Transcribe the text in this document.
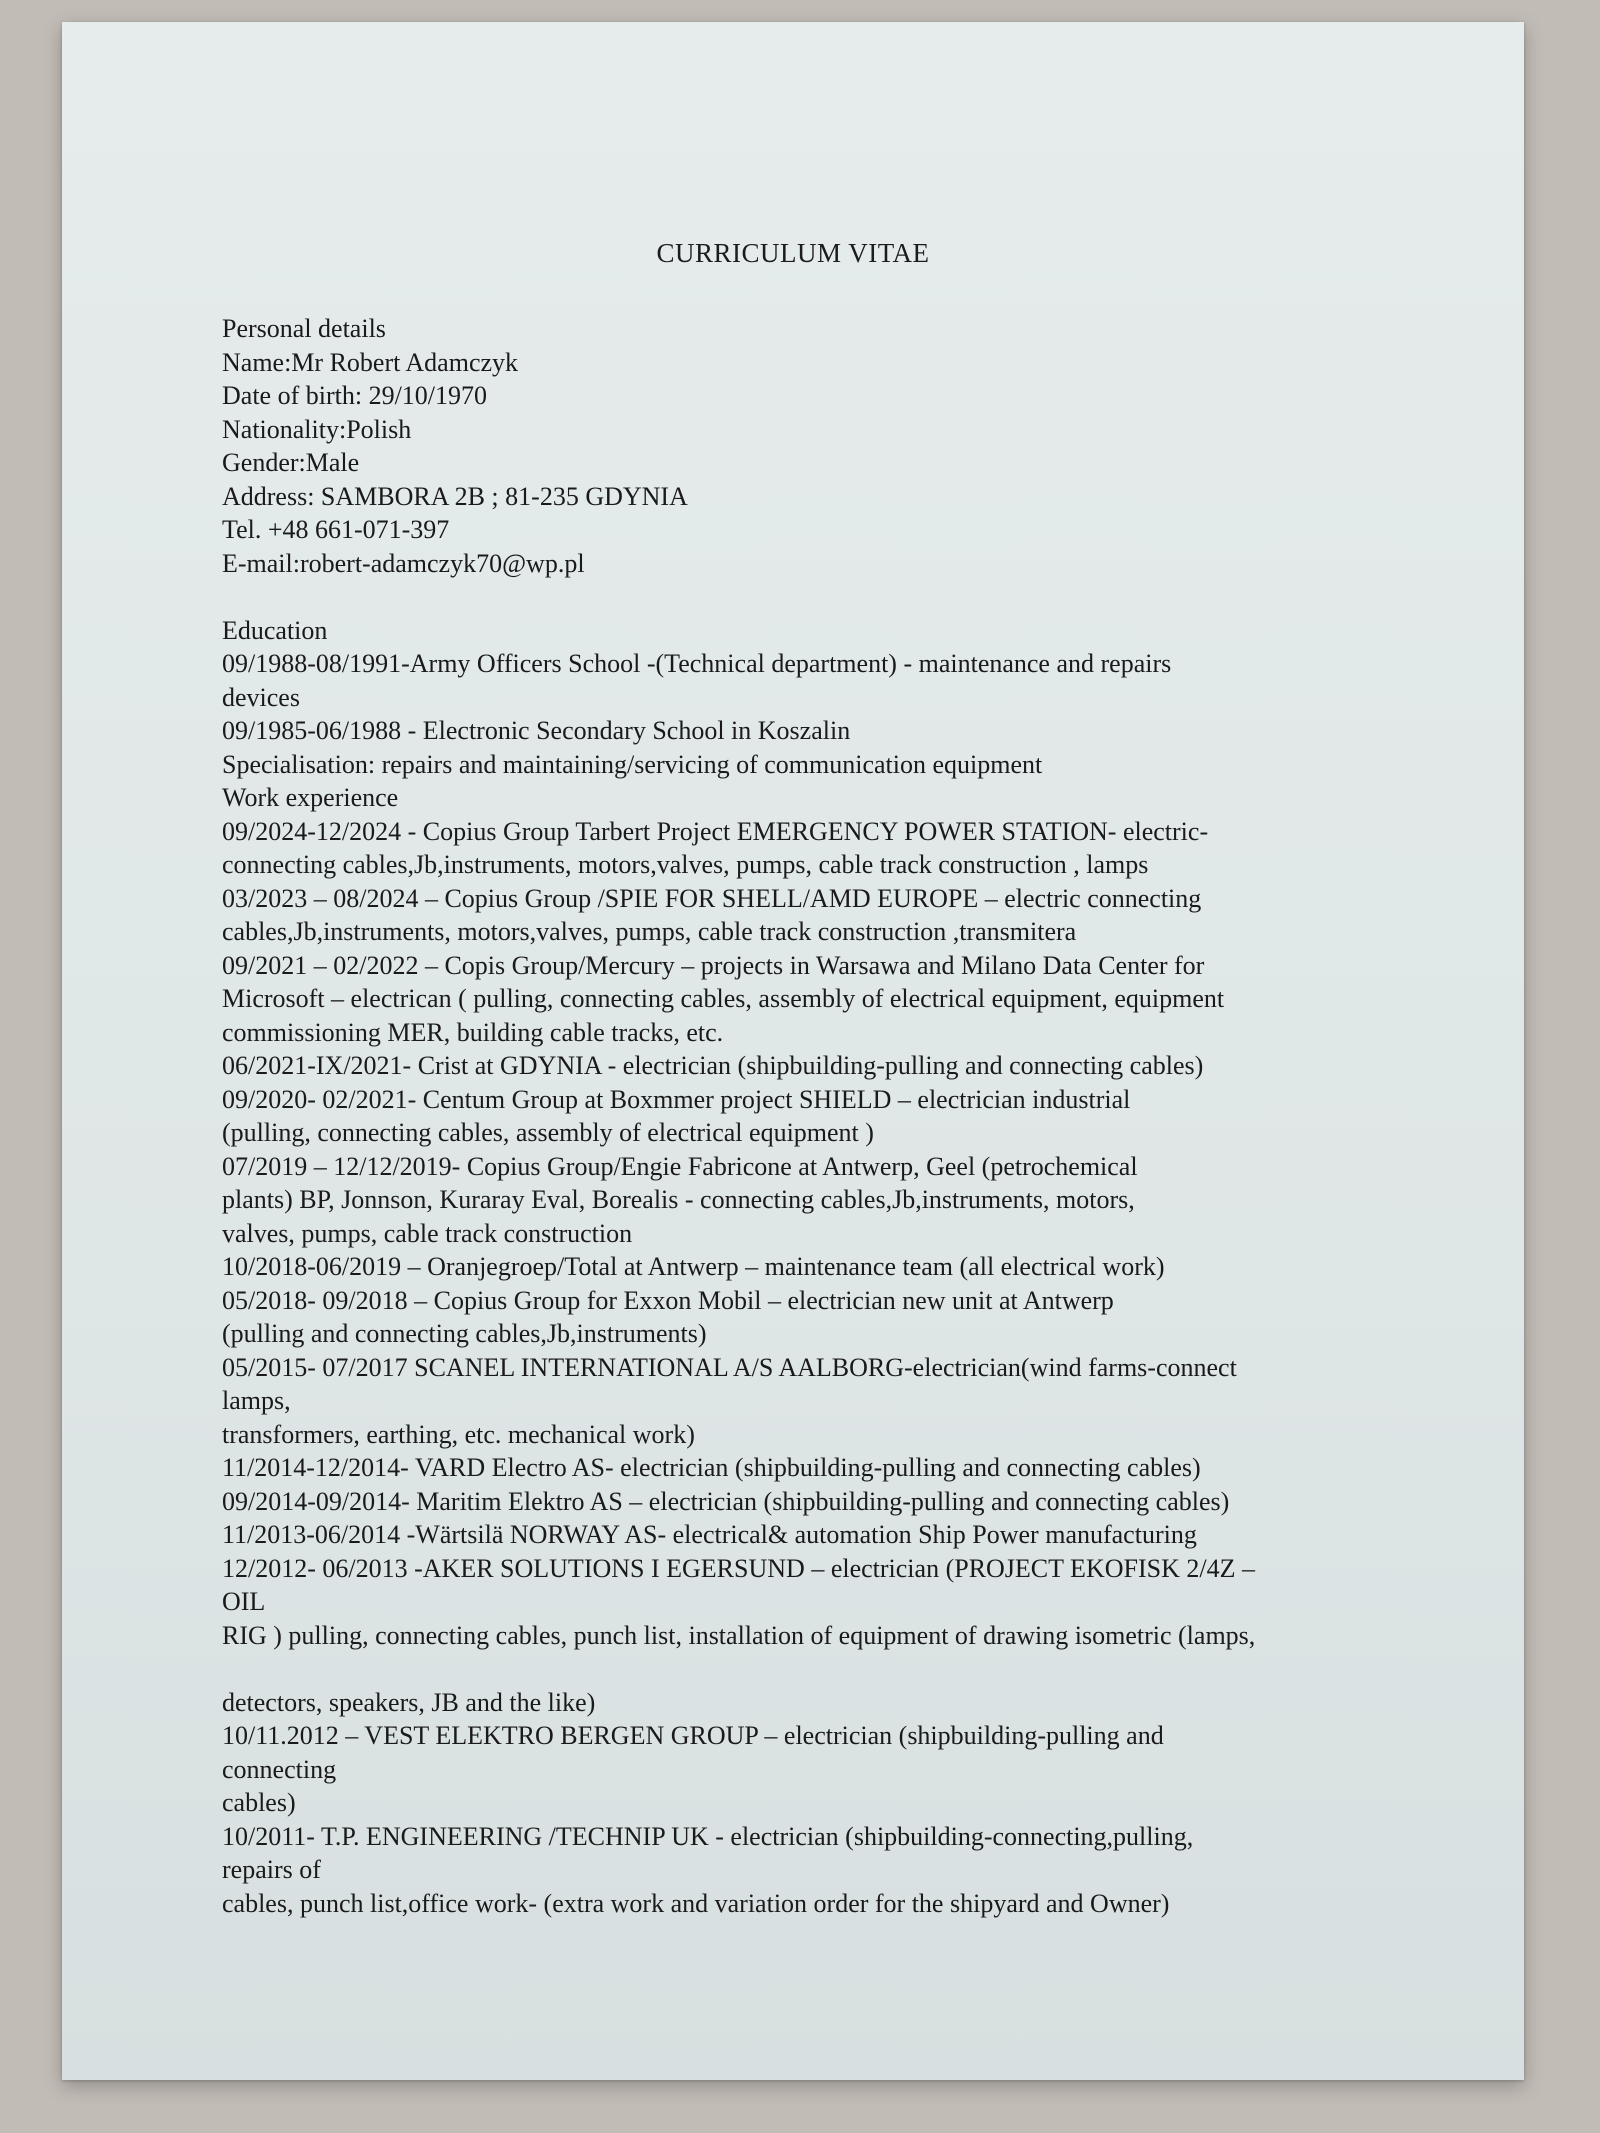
CURRICULUM VITAE
Personal details
Name:Mr Robert Adamczyk
Date of birth: 29/10/1970
Nationality:Polish
Gender:Male
Address: SAMBORA 2B ; 81-235 GDYNIA
Tel. +48 661-071-397
E-mail:robert-adamczyk70@wp.pl
Education
09/1988-08/1991-Army Officers School -(Technical department) - maintenance and repairs
devices
09/1985-06/1988 - Electronic Secondary School in Koszalin
Specialisation: repairs and maintaining/servicing of communication equipment
Work experience
09/2024-12/2024 - Copius Group Tarbert Project EMERGENCY POWER STATION- electric-
connecting cables,Jb,instruments, motors,valves, pumps, cable track construction , lamps
03/2023 – 08/2024 – Copius Group /SPIE FOR SHELL/AMD EUROPE – electric connecting
cables,Jb,instruments, motors,valves, pumps, cable track construction ,transmitera
09/2021 – 02/2022 – Copis Group/Mercury – projects in Warsawa and Milano Data Center for
Microsoft – electrican ( pulling, connecting cables, assembly of electrical equipment, equipment
commissioning MER, building cable tracks, etc.
06/2021-IX/2021- Crist at GDYNIA - electrician (shipbuilding-pulling and connecting cables)
09/2020- 02/2021- Centum Group at Boxmmer project SHIELD – electrician industrial
(pulling, connecting cables, assembly of electrical equipment )
07/2019 – 12/12/2019- Copius Group/Engie Fabricone at Antwerp, Geel (petrochemical
plants) BP, Jonnson, Kuraray Eval, Borealis - connecting cables,Jb,instruments, motors,
valves, pumps, cable track construction
10/2018-06/2019 – Oranjegroep/Total at Antwerp – maintenance team (all electrical work)
05/2018- 09/2018 – Copius Group for Exxon Mobil – electrician new unit at Antwerp
(pulling and connecting cables,Jb,instruments)
05/2015- 07/2017 SCANEL INTERNATIONAL A/S AALBORG-electrician(wind farms-connect
lamps,
transformers, earthing, etc. mechanical work)
11/2014-12/2014- VARD Electro AS- electrician (shipbuilding-pulling and connecting cables)
09/2014-09/2014- Maritim Elektro AS – electrician (shipbuilding-pulling and connecting cables)
11/2013-06/2014 -Wärtsilä NORWAY AS- electrical& automation Ship Power manufacturing
12/2012- 06/2013 -AKER SOLUTIONS I EGERSUND – electrician (PROJECT EKOFISK 2/4Z –
OIL
RIG ) pulling, connecting cables, punch list, installation of equipment of drawing isometric (lamps,
detectors, speakers, JB and the like)
10/11.2012 – VEST ELEKTRO BERGEN GROUP – electrician (shipbuilding-pulling and
connecting
cables)
10/2011- T.P. ENGINEERING /TECHNIP UK - electrician (shipbuilding-connecting,pulling,
repairs of
cables, punch list,office work- (extra work and variation order for the shipyard and Owner)
